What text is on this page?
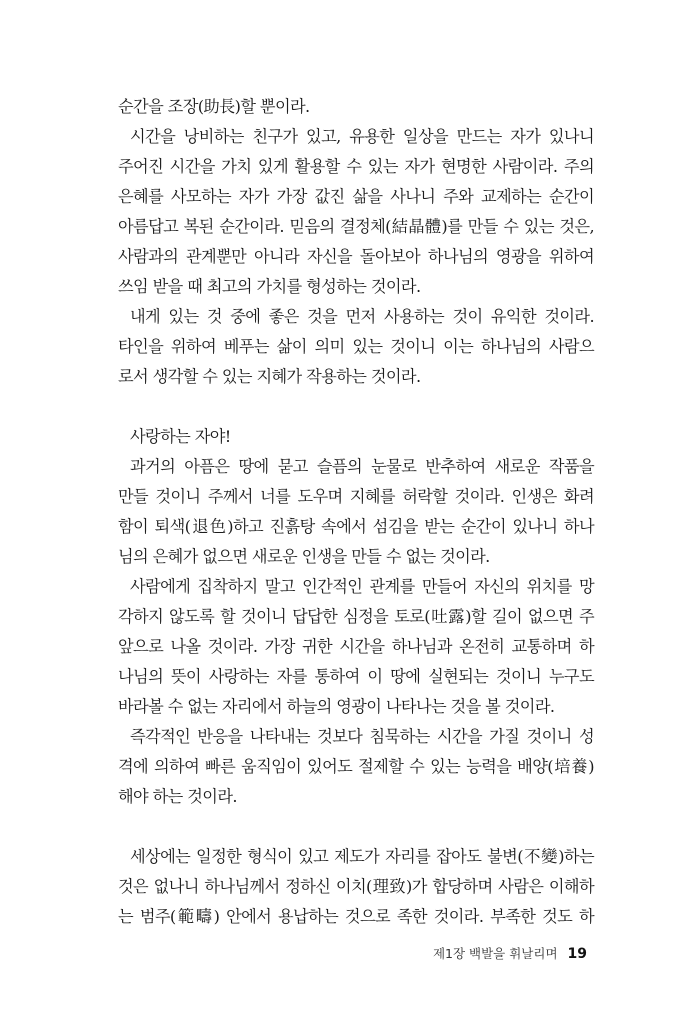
순간을 조장(助長)할 뿐이라.
시간을 낭비하는 친구가 있고, 유용한 일상을 만드는 자가 있나니
주어진 시간을 가치 있게 활용할 수 있는 자가 현명한 사람이라. 주의
은혜를 사모하는 자가 가장 값진 삶을 사나니 주와 교제하는 순간이
아름답고 복된 순간이라. 믿음의 결정체(結晶體)를 만들 수 있는 것은,
사람과의 관계뿐만 아니라 자신을 돌아보아 하나님의 영광을 위하여
쓰임 받을 때 최고의 가치를 형성하는 것이라.
내게 있는 것 중에 좋은 것을 먼저 사용하는 것이 유익한 것이라.
타인을 위하여 베푸는 삶이 의미 있는 것이니 이는 하나님의 사람으
로서 생각할 수 있는 지혜가 작용하는 것이라.
사랑하는 자야!
과거의 아픔은 땅에 묻고 슬픔의 눈물로 반추하여 새로운 작품을
만들 것이니 주께서 너를 도우며 지혜를 허락할 것이라. 인생은 화려
함이 퇴색(退色)하고 진흙탕 속에서 섬김을 받는 순간이 있나니 하나
님의 은혜가 없으면 새로운 인생을 만들 수 없는 것이라.
사람에게 집착하지 말고 인간적인 관계를 만들어 자신의 위치를 망
각하지 않도록 할 것이니 답답한 심정을 토로(吐露)할 길이 없으면 주
앞으로 나올 것이라. 가장 귀한 시간을 하나님과 온전히 교통하며 하
나님의 뜻이 사랑하는 자를 통하여 이 땅에 실현되는 것이니 누구도
바라볼 수 없는 자리에서 하늘의 영광이 나타나는 것을 볼 것이라.
즉각적인 반응을 나타내는 것보다 침묵하는 시간을 가질 것이니 성
격에 의하여 빠른 움직임이 있어도 절제할 수 있는 능력을 배양(培養)
해야 하는 것이라.
세상에는 일정한 형식이 있고 제도가 자리를 잡아도 불변(不變)하는
것은 없나니 하나님께서 정하신 이치(理致)가 합당하며 사람은 이해하
는 범주(範疇) 안에서 용납하는 것으로 족한 것이라. 부족한 것도 하
제1장 백발을 휘날리며 19
